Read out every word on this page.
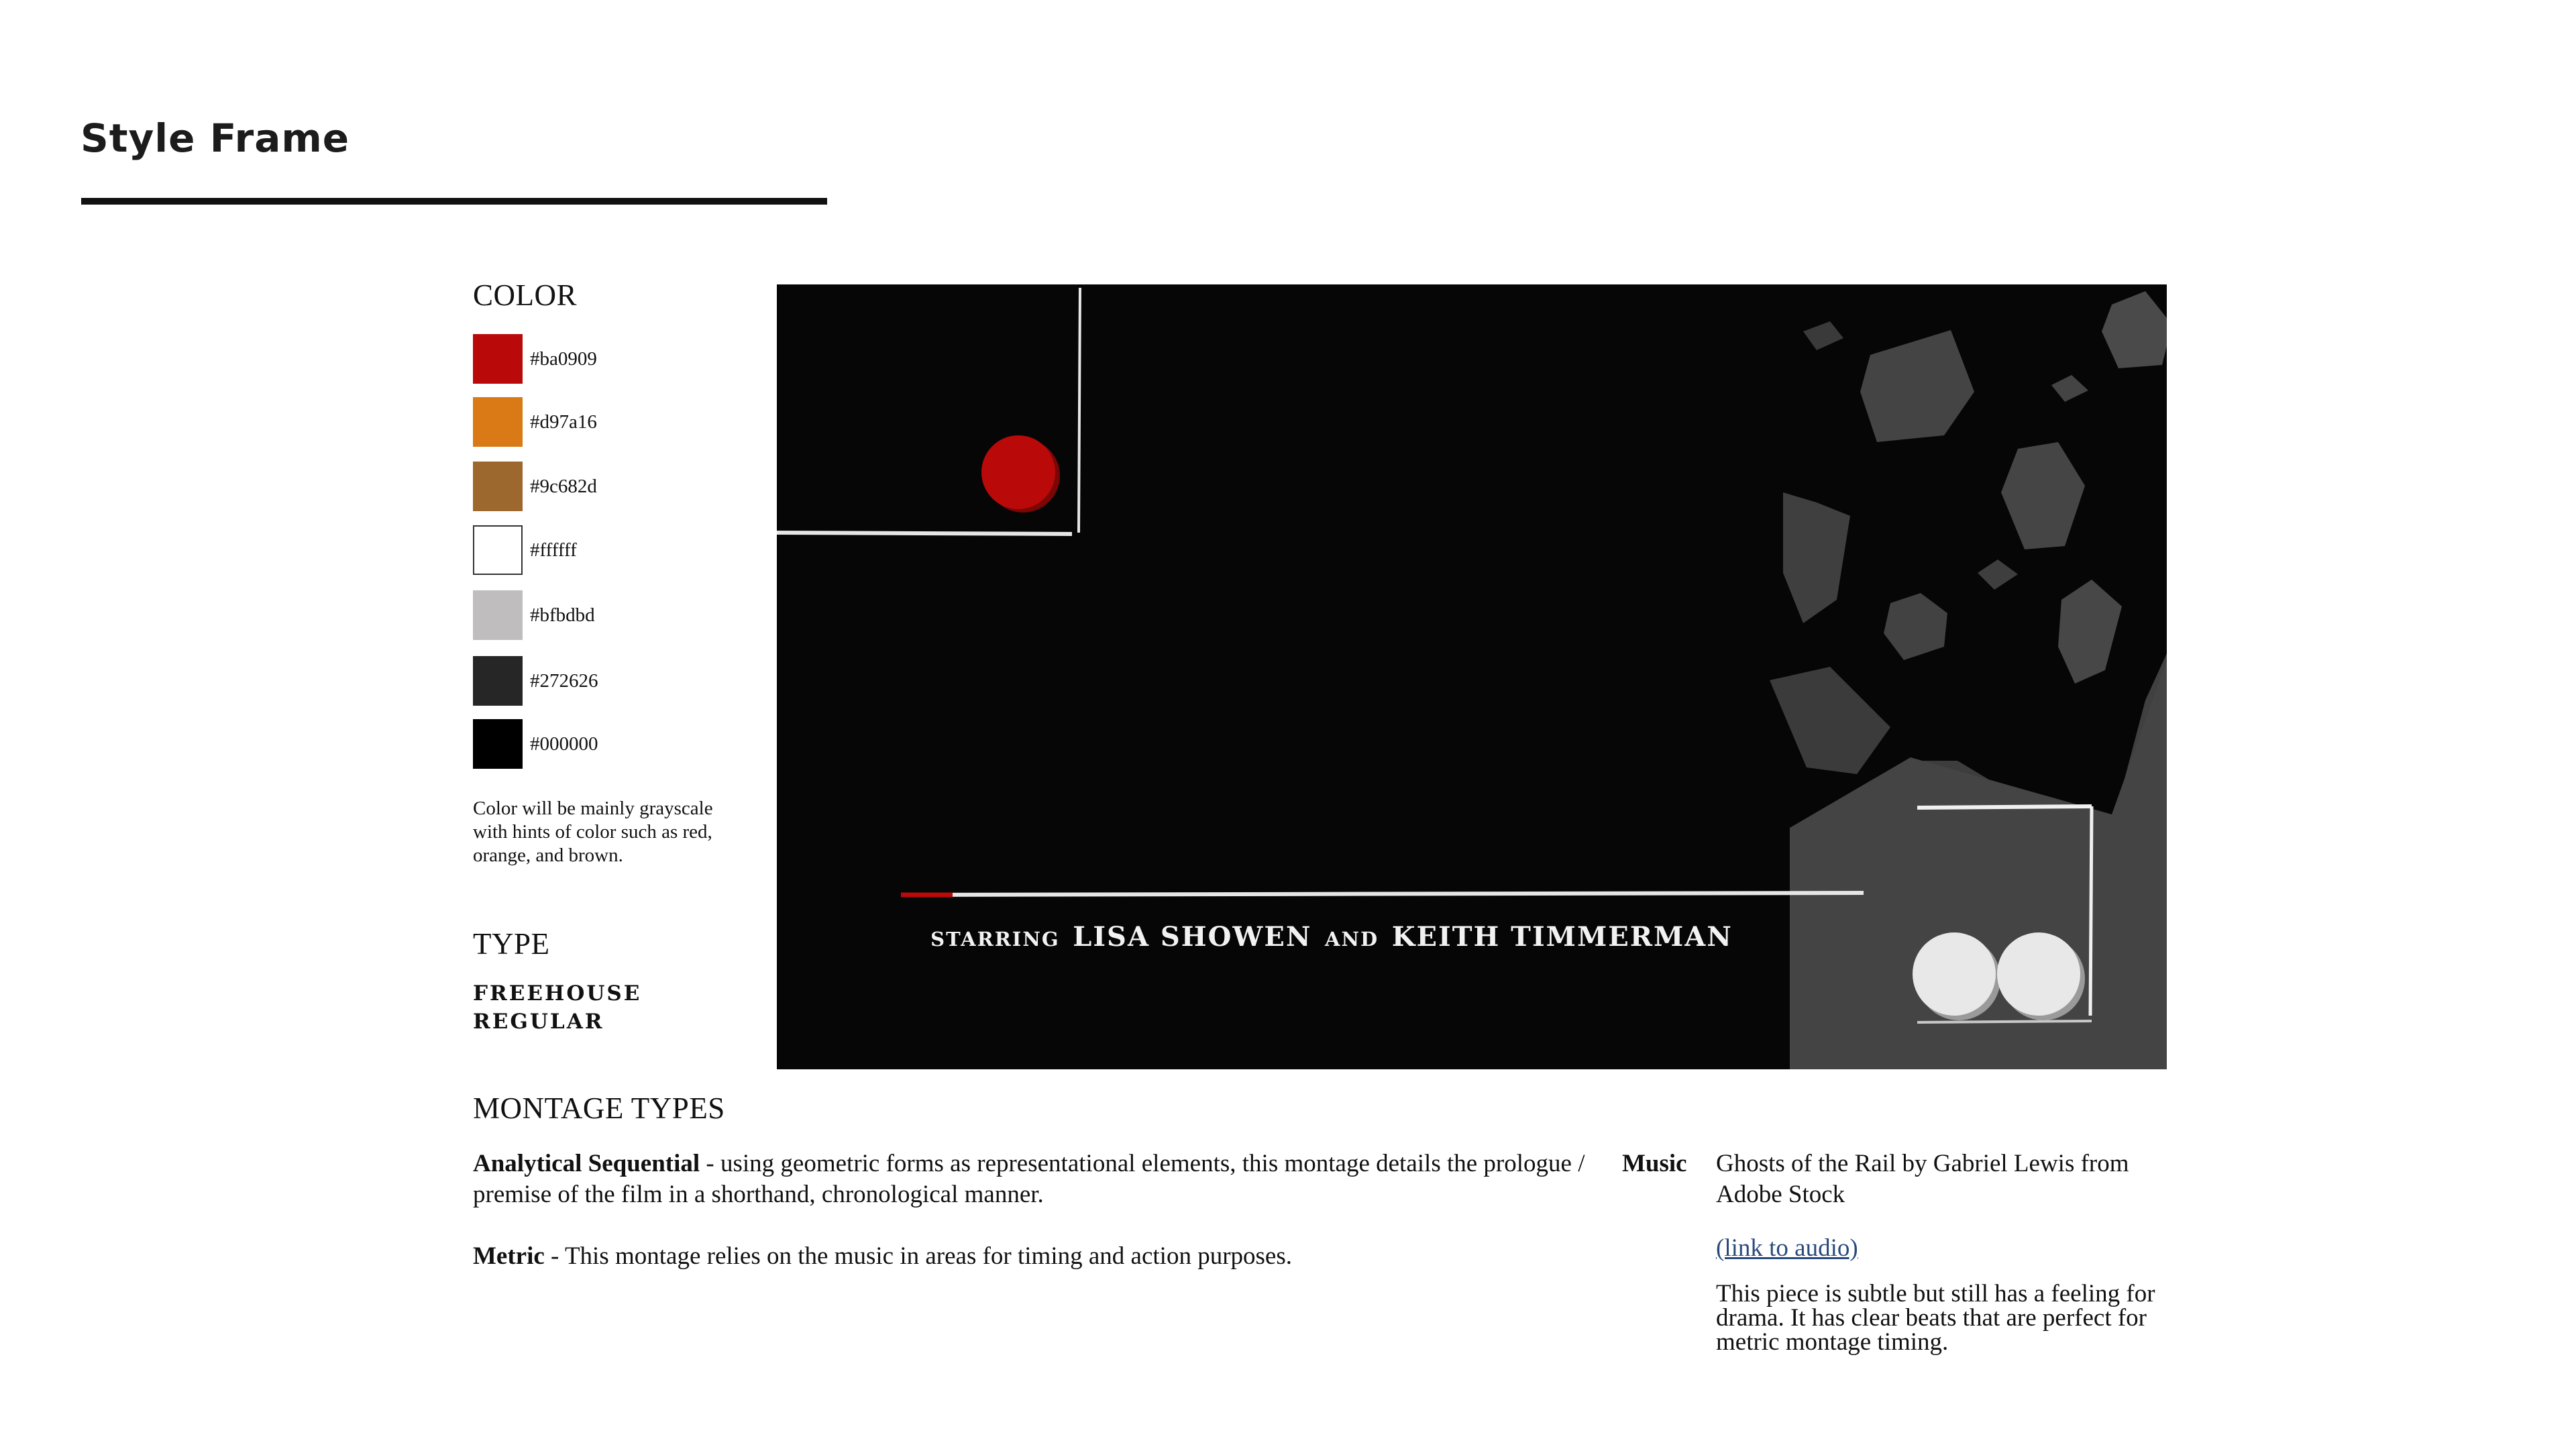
Style Frame
COLOR
#ba0909
#d97a16
#9c682d
#ffffff
#bfbdbd
#272626
#000000

Color will be mainly grayscale with hints of color such as red, orange, and brown.

TYPE

FREEHOUSE
REGULAR

STARRING LISA SHOWEN AND KEITH TIMMERMAN
MONTAGE TYPES

Analytical Sequential - using geometric forms as representational elements, this montage details the prologue / premise of the film in a shorthand, chronological manner.

Metric - This montage relies on the music in areas for timing and action purposes.

Music Ghosts of the Rail by Gabriel Lewis from Adobe Stock

(link to audio)

This piece is subtle but still has a feeling for drama. It has clear beats that are perfect for metric montage timing.
